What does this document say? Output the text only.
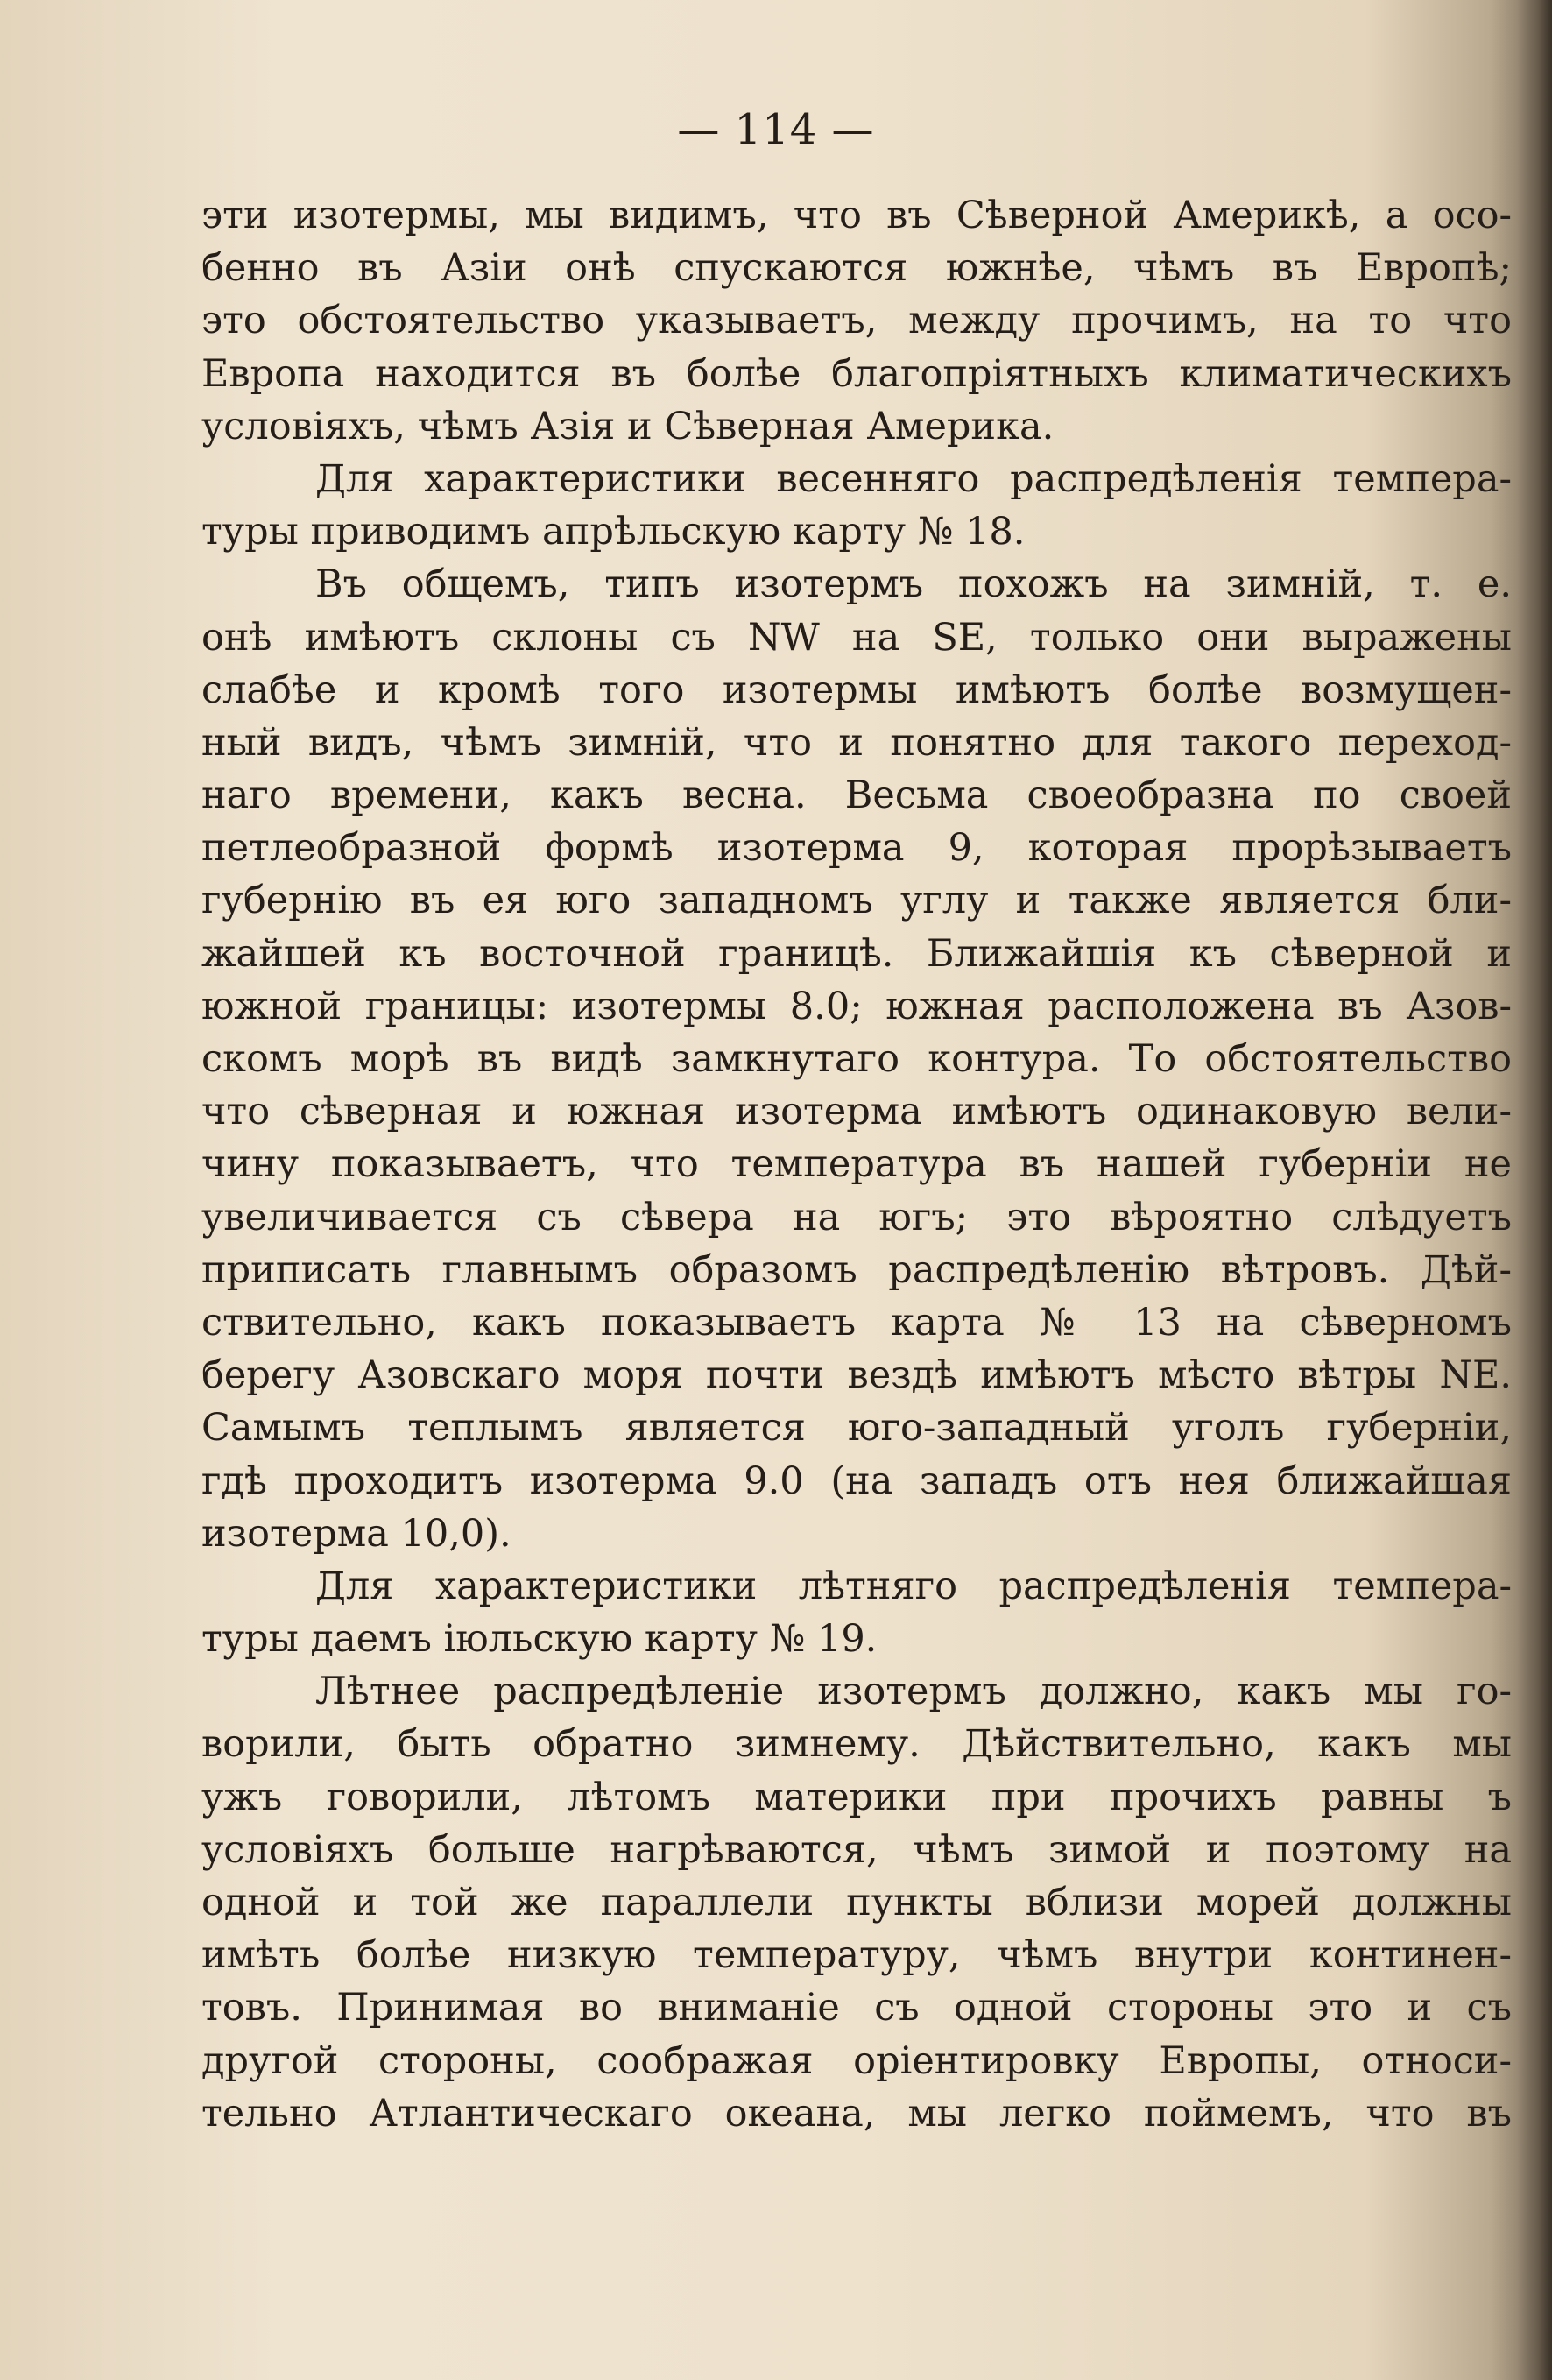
— 114 —
эти изотермы, мы видимъ, что въ Сѣверной Америкѣ, а осо-
бенно въ Азіи онѣ спускаются южнѣе, чѣмъ въ Европѣ;
это обстоятельство указываетъ, между прочимъ, на то что
Европа находится въ болѣе благопріятныхъ климатическихъ
условіяхъ, чѣмъ Азія и Сѣверная Америка.
Для характеристики весенняго распредѣленія темпера-
туры приводимъ апрѣльскую карту № 18.
Въ общемъ, типъ изотермъ похожъ на зимній, т. е.
онѣ имѣютъ склоны съ NW на SE, только они выражены
слабѣе и кромѣ того изотермы имѣютъ болѣе возмущен-
ный видъ, чѣмъ зимній, что и понятно для такого переход-
наго времени, какъ весна. Весьма своеобразна по своей
петлеобразной формѣ изотерма 9, которая прорѣзываетъ
губернію въ ея юго западномъ углу и также является бли-
жайшей къ восточной границѣ. Ближайшія къ сѣверной и
южной границы: изотермы 8.0; южная расположена въ Азов-
скомъ морѣ въ видѣ замкнутаго контура. То обстоятельство
что сѣверная и южная изотерма имѣютъ одинаковую вели-
чину показываетъ, что температура въ нашей губерніи не
увеличивается съ сѣвера на югъ; это вѣроятно слѣдуетъ
приписать главнымъ образомъ распредѣленію вѣтровъ. Дѣй-
ствительно, какъ показываетъ карта № 13 на сѣверномъ
берегу Азовскаго моря почти вездѣ имѣютъ мѣсто вѣтры NE.
Самымъ теплымъ является юго-западный уголъ губерніи,
гдѣ проходитъ изотерма 9.0 (на западъ отъ нея ближайшая
изотерма 10,0).
Для характеристики лѣтняго распредѣленія темпера-
туры даемъ іюльскую карту № 19.
Лѣтнее распредѣленіе изотермъ должно, какъ мы го-
ворили, быть обратно зимнему. Дѣйствительно, какъ мы
ужъ говорили, лѣтомъ материки при прочихъ равны ъ
условіяхъ больше нагрѣваются, чѣмъ зимой и поэтому на
одной и той же параллели пункты вблизи морей должны
имѣть болѣе низкую температуру, чѣмъ внутри континен-
товъ. Принимая во вниманіе съ одной стороны это и съ
другой стороны, соображая оріентировку Европы, относи-
тельно Атлантическаго океана, мы легко поймемъ, что въ
